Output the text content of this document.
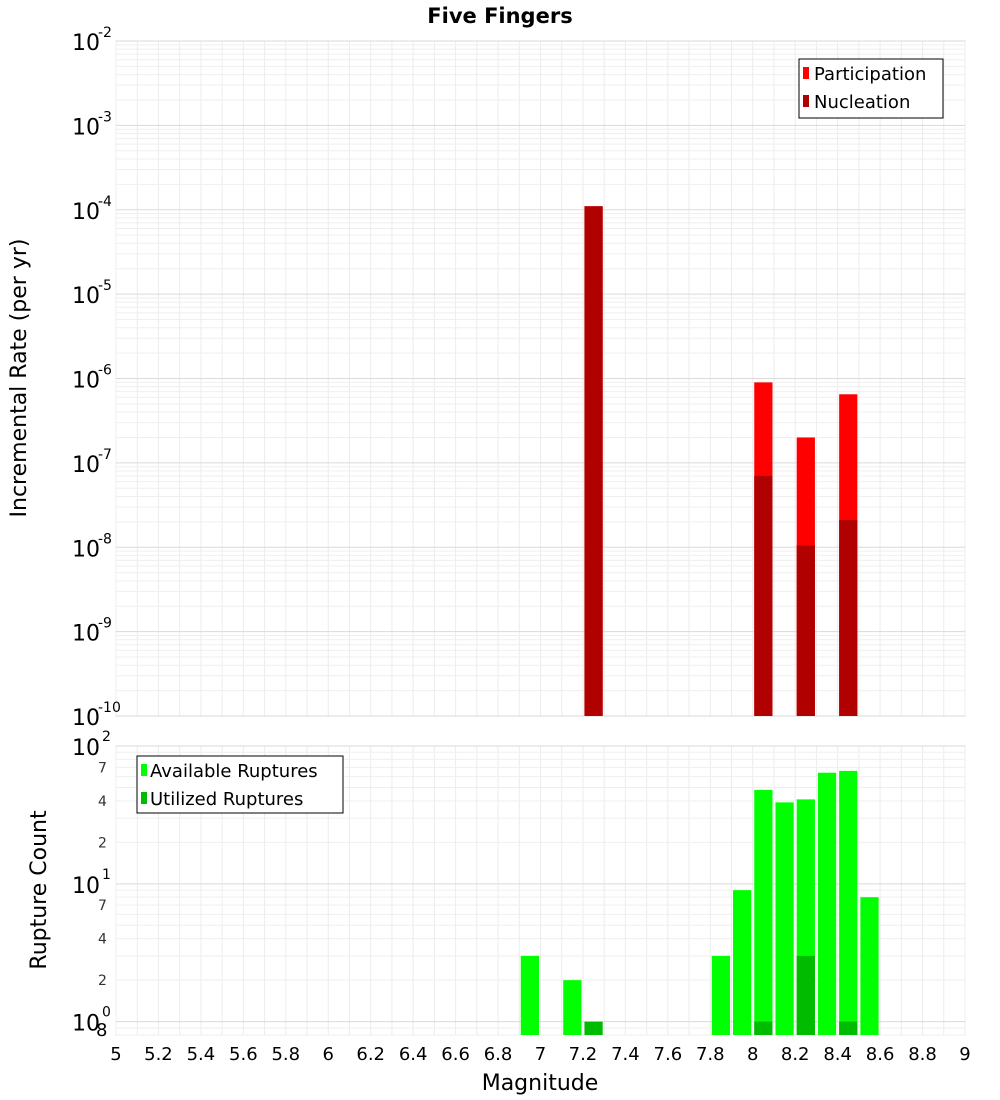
Five Fingers
10
-10
10
-9
10
-8
10
-7
10
-6
10
-5
10
-4
10
-3
10
-2
Incremental Rate (per yr)
Participation
Nucleation
10 0
10 1
10 2
8
2
4
7
2
4
7
5 5.2 5.4 5.6 5.8 6 6.2 6.4 6.6 6.8 7 7.2 7.4 7.6 7.8 8 8.2 8.4 8.6 8.8 9
Rupture Count
Magnitude
Available Ruptures
Utilized Ruptures
